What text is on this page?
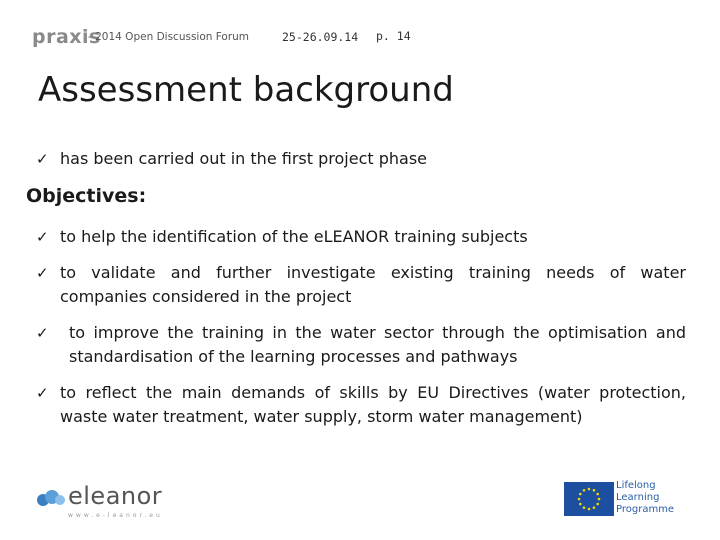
praxis
- 2014 Open Discussion Forum	25-26.09.14 p. 14
Assessment background
✓ has been carried out in the first project phase
Objectives:
✓ to help the identification of the eLEANOR training subjects
✓ to validate and further investigate existing training needs of water companies considered in the project
✓ to improve the training in the water sector through the optimisation and standardisation of the learning processes and pathways
✓ to reflect the main demands of skills by EU Directives (water protection, waste water treatment, water supply, storm water management)
eleanor
www.e-leanor.eu
Lifelong
Learning
Programme
